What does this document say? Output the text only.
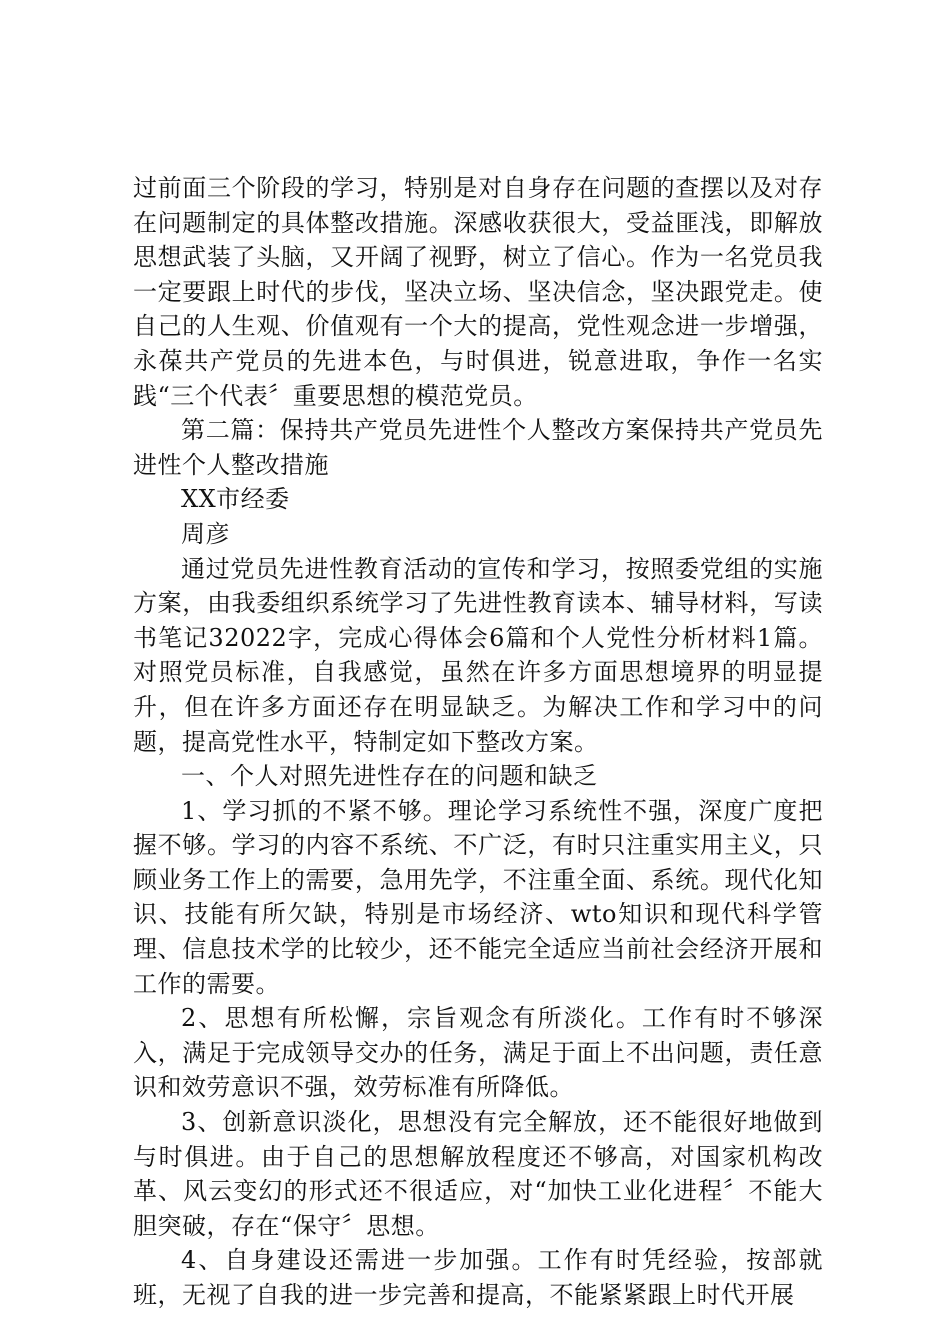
过前面三个阶段的学习，特别是对自身存在问题的查摆以及对存在问题制定的具体整改措施。深感收获很大，受益匪浅，即解放思想武装了头脑，又开阔了视野，树立了信心。作为一名党员我一定要跟上时代的步伐，坚决立场、坚决信念，坚决跟党走。使自己的人生观、价值观有一个大的提高，党性观念进一步增强，永葆共产党员的先进本色，与时俱进，锐意进取，争作一名实践“三个代表〞重要思想的模范党员。

第二篇：保持共产党员先进性个人整改方案保持共产党员先进性个人整改措施

XX市经委

周彦

通过党员先进性教育活动的宣传和学习，按照委党组的实施方案，由我委组织系统学习了先进性教育读本、辅导材料，写读书笔记32022字，完成心得体会6篇和个人党性分析材料1篇。对照党员标准，自我感觉，虽然在许多方面思想境界的明显提升，但在许多方面还存在明显缺乏。为解决工作和学习中的问题，提高党性水平，特制定如下整改方案。

一、个人对照先进性存在的问题和缺乏

1、学习抓的不紧不够。理论学习系统性不强，深度广度把握不够。学习的内容不系统、不广泛，有时只注重实用主义，只顾业务工作上的需要，急用先学，不注重全面、系统。现代化知识、技能有所欠缺，特别是市场经济、wto知识和现代科学管理、信息技术学的比较少，还不能完全适应当前社会经济开展和工作的需要。

2、思想有所松懈，宗旨观念有所淡化。工作有时不够深入，满足于完成领导交办的任务，满足于面上不出问题，责任意识和效劳意识不强，效劳标准有所降低。

3、创新意识淡化，思想没有完全解放，还不能很好地做到与时俱进。由于自己的思想解放程度还不够高，对国家机构改革、风云变幻的形式还不很适应，对“加快工业化进程〞不能大胆突破，存在“保守〞思想。

4、自身建设还需进一步加强。工作有时凭经验，按部就班，无视了自我的进一步完善和提高，不能紧紧跟上时代开展
